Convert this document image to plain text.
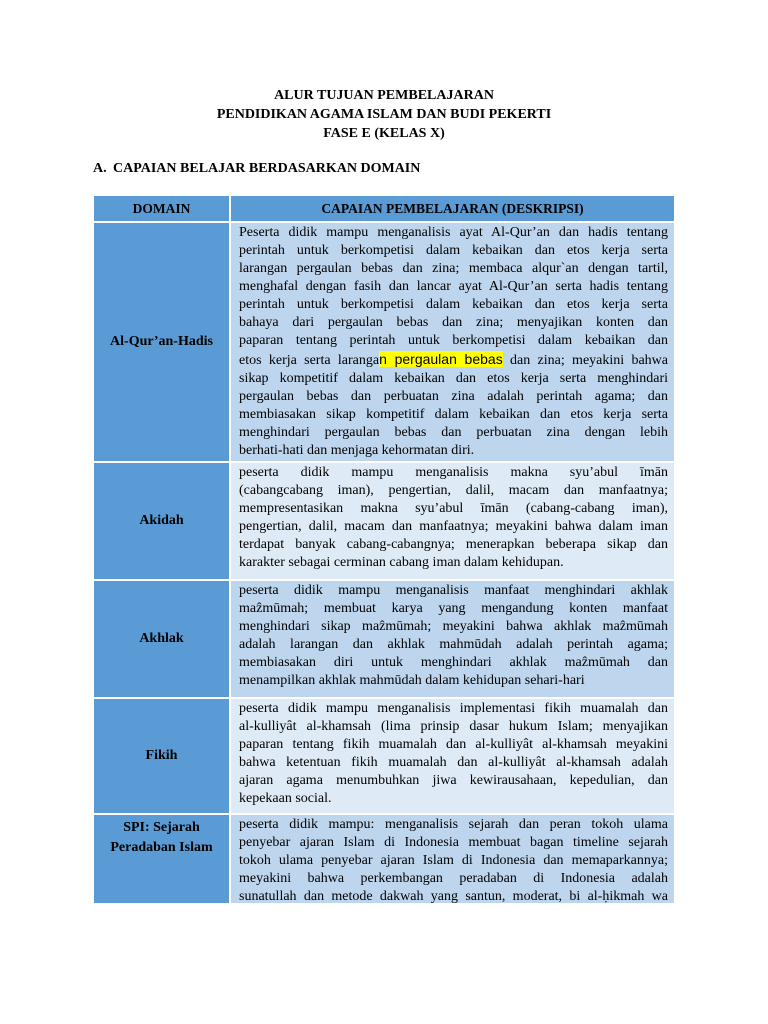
ALUR TUJUAN PEMBELAJARAN
PENDIDIKAN AGAMA ISLAM DAN BUDI PEKERTI
FASE E (KELAS X)
A. CAPAIAN BELAJAR BERDASARKAN DOMAIN
DOMAIN	CAPAIAN PEMBELAJARAN (DESKRIPSI)
Al-Qur’an-Hadis
Peserta didik mampu menganalisis ayat Al-Qur’an dan hadis tentang
perintah untuk berkompetisi dalam kebaikan dan etos kerja serta
larangan pergaulan bebas dan zina; membaca alqur`an dengan tartil,
menghafal dengan fasih dan lancar ayat Al-Qur’an serta hadis tentang
perintah untuk berkompetisi dalam kebaikan dan etos kerja serta
bahaya dari pergaulan bebas dan zina; menyajikan konten dan
paparan tentang perintah untuk berkompetisi dalam kebaikan dan
etos kerja serta larangan pergaulan bebas dan zina; meyakini bahwa
sikap kompetitif dalam kebaikan dan etos kerja serta menghindari
pergaulan bebas dan perbuatan zina adalah perintah agama; dan
membiasakan sikap kompetitif dalam kebaikan dan etos kerja serta
menghindari pergaulan bebas dan perbuatan zina dengan lebih
berhati-hati dan menjaga kehormatan diri.
Akidah
peserta didik mampu menganalisis makna syu’abul īmān
(cabangcabang iman), pengertian, dalil, macam dan manfaatnya;
mempresentasikan makna syu’abul īmān (cabang-cabang iman),
pengertian, dalil, macam dan manfaatnya; meyakini bahwa dalam iman
terdapat banyak cabang-cabangnya; menerapkan beberapa sikap dan
karakter sebagai cerminan cabang iman dalam kehidupan.
Akhlak
peserta didik mampu menganalisis manfaat menghindari akhlak
maẑmūmah; membuat karya yang mengandung konten manfaat
menghindari sikap maẑmūmah; meyakini bahwa akhlak maẑmūmah
adalah larangan dan akhlak mahmūdah adalah perintah agama;
membiasakan diri untuk menghindari akhlak maẑmūmah dan
menampilkan akhlak mahmūdah dalam kehidupan sehari-hari
Fikih
peserta didik mampu menganalisis implementasi fikih muamalah dan
al-kulliyât al-khamsah (lima prinsip dasar hukum Islam; menyajikan
paparan tentang fikih muamalah dan al-kulliyât al-khamsah meyakini
bahwa ketentuan fikih muamalah dan al-kulliyât al-khamsah adalah
ajaran agama menumbuhkan jiwa kewirausahaan, kepedulian, dan
kepekaan social.
SPI: Sejarah
Peradaban Islam
peserta didik mampu: menganalisis sejarah dan peran tokoh ulama
penyebar ajaran Islam di Indonesia membuat bagan timeline sejarah
tokoh ulama penyebar ajaran Islam di Indonesia dan memaparkannya;
meyakini bahwa perkembangan peradaban di Indonesia adalah
sunatullah dan metode dakwah yang santun, moderat, bi al-ḥikmah wa
